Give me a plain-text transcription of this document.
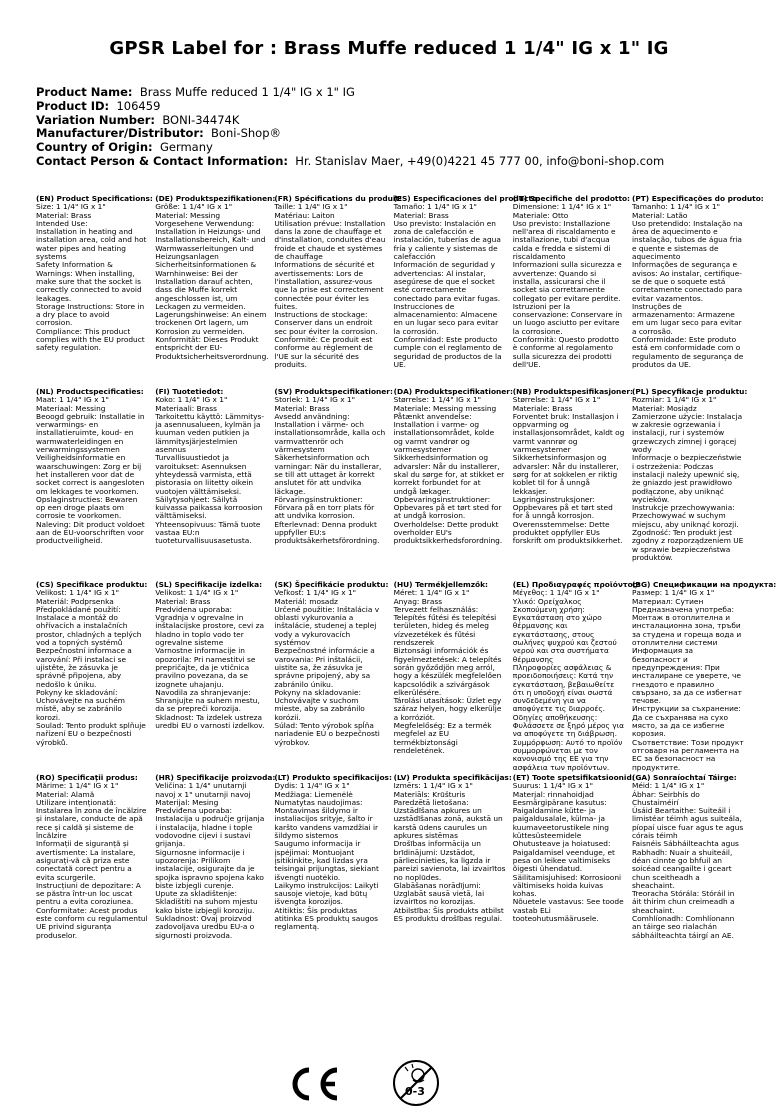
GPSR Label for : Brass Muffe reduced 1 1/4" IG x 1" IG
Product Name: Brass Muffe reduced 1 1/4" IG x 1" IG
Product ID: 106459
Variation Number: BONI-34474K
Manufacturer/Distributor: Boni-Shop®
Country of Origin: Germany
Contact Person & Contact Information: Hr. Stanislav Maer, +49(0)4221 45 777 00, info@boni-shop.com
(EN) Product Specifications:
Size: 1 1/4" IG x 1"
Material: Brass
Intended Use:
Installation in heating and installation area, cold and hot water pipes and heating systems
Safety Information & Warnings: When installing, make sure that the socket is correctly connected to avoid leakages.
Storage Instructions: Store in a dry place to avoid corrosion.
Compliance: This product complies with the EU product safety regulation.
(DE) Produktspezifikationen:
Größe: 1 1/4" IG x 1"
Material: Messing
Vorgesehene Verwendung: Installation in Heizungs- und Installationsbereich, Kalt- und Warmwasserleitungen und Heizungsanlagen
Sicherheitsinformationen & Warnhinweise: Bei der Installation darauf achten, dass die Muffe korrekt angeschlossen ist, um Leckagen zu vermeiden.
Lagerungshinweise: An einem trockenen Ort lagern, um Korrosion zu vermeiden.
Konformität: Dieses Produkt entspricht der EU-Produktsicherheitsverordnung.
(FR) Spécifications du produit:
Taille: 1 1/4" IG x 1"
Matériau: Laiton
Utilisation prévue: Installation dans la zone de chauffage et d'installation, conduites d'eau froide et chaude et systèmes de chauffage
Informations de sécurité et avertissements: Lors de l'installation, assurez-vous que la prise est correctement connectée pour éviter les fuites.
Instructions de stockage: Conserver dans un endroit sec pour éviter la corrosion.
Conformité: Ce produit est conforme au règlement de l'UE sur la sécurité des produits.
(ES) Especificaciones del producto:
Tamaño: 1 1/4" IG x 1"
Material: Brass
Uso previsto: Instalación en zona de calefacción e instalación, tuberías de agua fría y caliente y sistemas de calefacción
Información de seguridad y advertencias: Al instalar, asegúrese de que el socket esté correctamente conectado para evitar fugas.
Instrucciones de almacenamiento: Almacene en un lugar seco para evitar la corrosión.
Conformidad: Este producto cumple con el reglamento de seguridad de productos de la UE.
(IT) Specifiche del prodotto:
Dimensione: 1 1/4" IG x 1"
Materiale: Otto
Uso previsto: Installazione nell'area di riscaldamento e installazione, tubi d'acqua calda e fredda e sistemi di riscaldamento
Informazioni sulla sicurezza e avvertenze: Quando si installa, assicurarsi che il socket sia correttamente collegato per evitare perdite.
Istruzioni per la conservazione: Conservare in un luogo asciutto per evitare la corrosione.
Conformità: Questo prodotto è conforme al regolamento sulla sicurezza dei prodotti dell'UE.
(PT) Especificações do produto:
Tamanho: 1 1/4" IG x 1"
Material: Latão
Uso pretendido: Instalação na área de aquecimento e instalação, tubos de água fria e quente e sistemas de aquecimento
Informações de segurança e avisos: Ao instalar, certifique-se de que o soquete está corretamente conectado para evitar vazamentos.
Instruções de armazenamento: Armazene em um lugar seco para evitar a corrosão.
Conformidade: Este produto está em conformidade com o regulamento de segurança de produtos da UE.
(NL) Productspecificaties:
Maat: 1 1/4" IG x 1"
Materiaal: Messing
Beoogd gebruik: Installatie in verwarmings- en installatieruimte, koud- en warmwaterleidingen en verwarmingssystemen
Veiligheidsinformatie en waarschuwingen: Zorg er bij het installeren voor dat de socket correct is aangesloten om lekkages te voorkomen.
Opslaginstructies: Bewaren op een droge plaats om corrosie te voorkomen.
Naleving: Dit product voldoet aan de EU-voorschriften voor productveiligheid.
(FI) Tuotetiedot:
Koko: 1 1/4" IG x 1"
Materiaali: Brass
Tarkoitettu käyttö: Lämmitys- ja asennusalueen, kylmän ja kuuman veden putkien ja lämmitysjärjestelmien asennus
Turvallisuustiedot ja varoitukset: Asennuksen yhteydessä varmista, että pistorasia on liitetty oikein vuotojen välttämiseksi.
Säilytysohjeet: Säilytä kuivassa paikassa korroosion välttämiseksi.
Yhteensopivuus: Tämä tuote vastaa EU:n tuoteturvallisuusasetusta.
(SV) Produktspecifikationer:
Storlek: 1 1/4" IG x 1"
Material: Brass
Avsedd användning: Installation i värme- och installationsområde, kalla och varmvattenrör och värmesystem
Säkerhetsinformation och varningar: När du installerar, se till att uttaget är korrekt anslutet för att undvika läckage.
Förvaringsinstruktioner: Förvara på en torr plats för att undvika korrosion.
Efterlevnad: Denna produkt uppfyller EU:s produktsäkerhetsförordning.
(DA) Produktspecifikationer:
Størrelse: 1 1/4" IG x 1"
Materiale: Messing messing
Påtænkt anvendelse: Installation i varme- og installationsområdet, kolde og varmt vandrør og varmesystemer
Sikkerhedsinformation og advarsler: Når du installerer, skal du sørge for, at stikket er korrekt forbundet for at undgå lækager.
Opbevaringsinstruktioner: Opbevares på et tørt sted for at undgå korrosion.
Overholdelse: Dette produkt overholder EU's produktsikkerhedsforordning.
(NB) Produktspesifikasjoner:
Størrelse: 1 1/4" IG x 1"
Materiale: Brass
Forventet bruk: Installasjon i oppvarming og installasjonsområdet, kaldt og varmt vannrør og varmesystemer
Sikkerhetsinformasjon og advarsler: Når du installerer, sørg for at sokkelen er riktig koblet til for å unngå lekkasjer.
Lagringsinstruksjoner: Oppbevares på et tørt sted for å unngå korrosjon.
Overensstemmelse: Dette produktet oppfyller EUs forskrift om produktsikkerhet.
(PL) Specyfikacje produktu:
Rozmiar: 1 1/4" IG x 1"
Materiał: Mosiądz
Zamierzone użycie: Instalacja w zakresie ogrzewania i instalacji, rur i systemów grzewczych zimnej i gorącej wody
Informacje o bezpieczeństwie i ostrzeżenia: Podczas instalacji należy upewnić się, że gniazdo jest prawidłowo podłączone, aby uniknąć wycieków.
Instrukcje przechowywania: Przechowywać w suchym miejscu, aby uniknąć korozji.
Zgodność: Ten produkt jest zgodny z rozporządzeniem UE w sprawie bezpieczeństwa produktów.
(CS) Specifikace produktu:
Velikost: 1 1/4" IG x 1"
Materiál: Podprsenka
Předpokládané použití: Instalace a montáž do ohřívacích a instalačních prostor, chladných a teplých vod a topných systémů
Bezpečnostní informace a varování: Při instalaci se ujistěte, že zásuvka je správně připojena, aby nedošlo k úniku.
Pokyny ke skladování: Uchovávejte na suchém místě, aby se zabránilo korozi.
Soulad: Tento produkt splňuje nařízení EU o bezpečnosti výrobků.
(SL) Specifikacije izdelka:
Velikost: 1 1/4" IG x 1"
Material: Brass
Predvidena uporaba: Vgradnja v ogrevalne in inštalacijske prostore, cevi za hladno in toplo vodo ter ogrevalne sisteme
Varnostne informacije in opozorila: Pri namestitvi se prepričajte, da je vtičnica pravilno povezana, da se izognete uhajanju.
Navodila za shranjevanje: Shranjujte na suhem mestu, da se prepreči korozija.
Skladnost: Ta izdelek ustreza uredbi EU o varnosti izdelkov.
(SK) Špecifikácie produktu:
Veľkosť: 1 1/4" IG x 1"
Materiál: mosadz
Určené použitie: Inštalácia v oblasti vykurovania a inštalácie, studenej a teplej vody a vykurovacích systémov
Bezpečnostné informácie a varovania: Pri inštalácii, uistite sa, že zásuvka je správne pripojený, aby sa zabránilo úniku.
Pokyny na skladovanie: Uchovávajte v suchom mieste, aby sa zabránilo korózii.
Súlad: Tento výrobok spĺňa nariadenie EÚ o bezpečnosti výrobkov.
(HU) Termékjellemzők:
Méret: 1 1/4" IG x 1"
Anyag: Brass
Tervezett felhasználás: Telepítés fűtési és telepítési területen, hideg és meleg vízvezetékek és fűtési rendszerek
Biztonsági információk és figyelmeztetések: A telepítés során győződjön meg arról, hogy a készülék megfelelően kapcsolódik a szivárgások elkerülésére.
Tárolási utasítások: Üzlet egy száraz helyen, hogy elkerülje a korróziót.
Megfelelőség: Ez a termék megfelel az EU termékbiztonsági rendeletének.
(EL) Προδιαγραφές προϊόντος:
Μέγεθος: 1 1/4" IG x 1"
Υλικό: Ορείχαλκος
Σκοπούμενη χρήση: Εγκατάσταση στο χώρο θέρμανσης και εγκατάστασης, στους σωλήνες ψυχρού και ζεστού νερού και στα συστήματα θέρμανσης
Πληροφορίες ασφάλειας & προειδοποιήσεις: Κατά την εγκατάσταση, βεβαιωθείτε ότι η υποδοχή είναι σωστά συνδεδεμένη για να αποφύγετε τις διαρροές.
Οδηγίες αποθήκευσης: Φυλάσσετε σε ξηρό μέρος για να αποφύγετε τη διάβρωση.
Συμμόρφωση: Αυτό το προϊόν συμμορφώνεται με τον κανονισμό της ΕΕ για την ασφάλεια των προϊόντων.
(BG) Спецификации на продукта:
Размер: 1 1/4" IG x 1"
Материал: Сутиен
Предназначена употреба: Монтаж в отоплителна и инсталационна зона, тръби за студена и гореща вода и отоплителни системи
Информация за безопасност и предупреждения: При инсталиране се уверете, че гнездото е правилно свързано, за да се избегнат течове.
Инструкции за съхранение: Да се съхранява на сухо място, за да се избегне корозия.
Съответствие: Този продукт отговаря на регламента на ЕС за безопасност на продуктите.
(RO) Specificații produs:
Mărime: 1 1/4" IG x 1"
Material: Alamă
Utilizare intenționată: Instalarea în zona de încălzire și instalare, conducte de apă rece și caldă și sisteme de încălzire
Informații de siguranță și avertismente: La instalare, asigurați-vă că priza este conectată corect pentru a evita scurgerile.
Instrucțiuni de depozitare: A se păstra într-un loc uscat pentru a evita coroziunea.
Conformitate: Acest produs este conform cu regulamentul UE privind siguranța produselor.
(HR) Specifikacije proizvoda:
Veličina: 1 1/4" unutarnji navoj x 1" unutarnji navoj
Materijal: Mesing
Predviđena uporaba: Instalacija u područje grijanja i instalacija, hladne i tople vodovodne cijevi i sustavi grijanja.
Sigurnosne informacije i upozorenja: Prilikom instalacije, osigurajte da je spojka ispravno spojena kako biste izbjegli curenje.
Upute za skladištenje: Skladištiti na suhom mjestu kako biste izbjegli koroziju.
Sukladnost: Ovaj proizvod zadovoljava uredbu EU-a o sigurnosti proizvoda.
(LT) Produkto specifikacijos:
Dydis: 1 1/4" IG x 1"
Medžiaga: Liemenėlė
Numatytas naudojimas: Montavimas šildymo ir instaliacijos srityje, šalto ir karšto vandens vamzdžiai ir šildymo sistemos
Saugumo informacija ir įspėjimai: Montuojant įsitikinkite, kad lizdas yra teisingai prijungtas, siekiant išvengti nuotėkio.
Laikymo instrukcijos: Laikyti sausoje vietoje, kad būtų išvengta korozijos.
Atitiktis: Šis produktas atitinka ES produktų saugos reglamentą.
(LV) Produkta specifikācijas:
Izmērs: 1 1/4" IG x 1"
Materiāls: Krūšturis
Paredzētā lietošana: Uzstādīšana apkures un uzstādīšanas zonā, aukstā un karstā ūdens caurules un apkures sistēmas
Drošības informācija un brīdinājumi: Uzstādot, pārliecinieties, ka ligzda ir pareizi savienota, lai izvairītos no noplūdes.
Glabāšanas norādījumi: Uzglabāt sausā vietā, lai izvairītos no korozijas.
Atbilstība: Šis produkts atbilst ES produktu drošības regulai.
(ET) Toote spetsifikatsioonid:
Suurus: 1 1/4" IG x 1"
Materjal: rinnahoidjad
Eesmärgipärane kasutus: Paigaldamine kütte- ja paigaldusalale, külma- ja kuumaveetorustikele ning küttesüsteemidele
Ohutusteave ja hoiatused: Paigaldamisel veenduge, et pesa on leikee valtimiseks õigesti ühendatud.
Säilitamisjuhised: Korrosiooni vältimiseks hoida kuivas kohas.
Nõuetele vastavus: See toode vastab ELi tooteohutusmäärusele.
(GA) Sonraíochtaí Táirge:
Méid: 1 1/4" IG x 1"
Ábhar: Seirbhís do Chustaiméirí
Úsáid Beartaithe: Suiteáil i limistéar téimh agus suiteála, píopaí uisce fuar agus te agus córais téimh
Faisnéis Sábháilteachta agus Rabhadh: Nuair a shuiteáil, déan cinnte go bhfuil an soicéad ceangailte i gceart chun sceitheadh a sheachaint.
Treoracha Stórála: Stóráil in áit thirim chun creimeadh a sheachaint.
Comhlíonadh: Comhlíonann an táirge seo rialachán sábháilteachta táirgí an AE.
0-3
